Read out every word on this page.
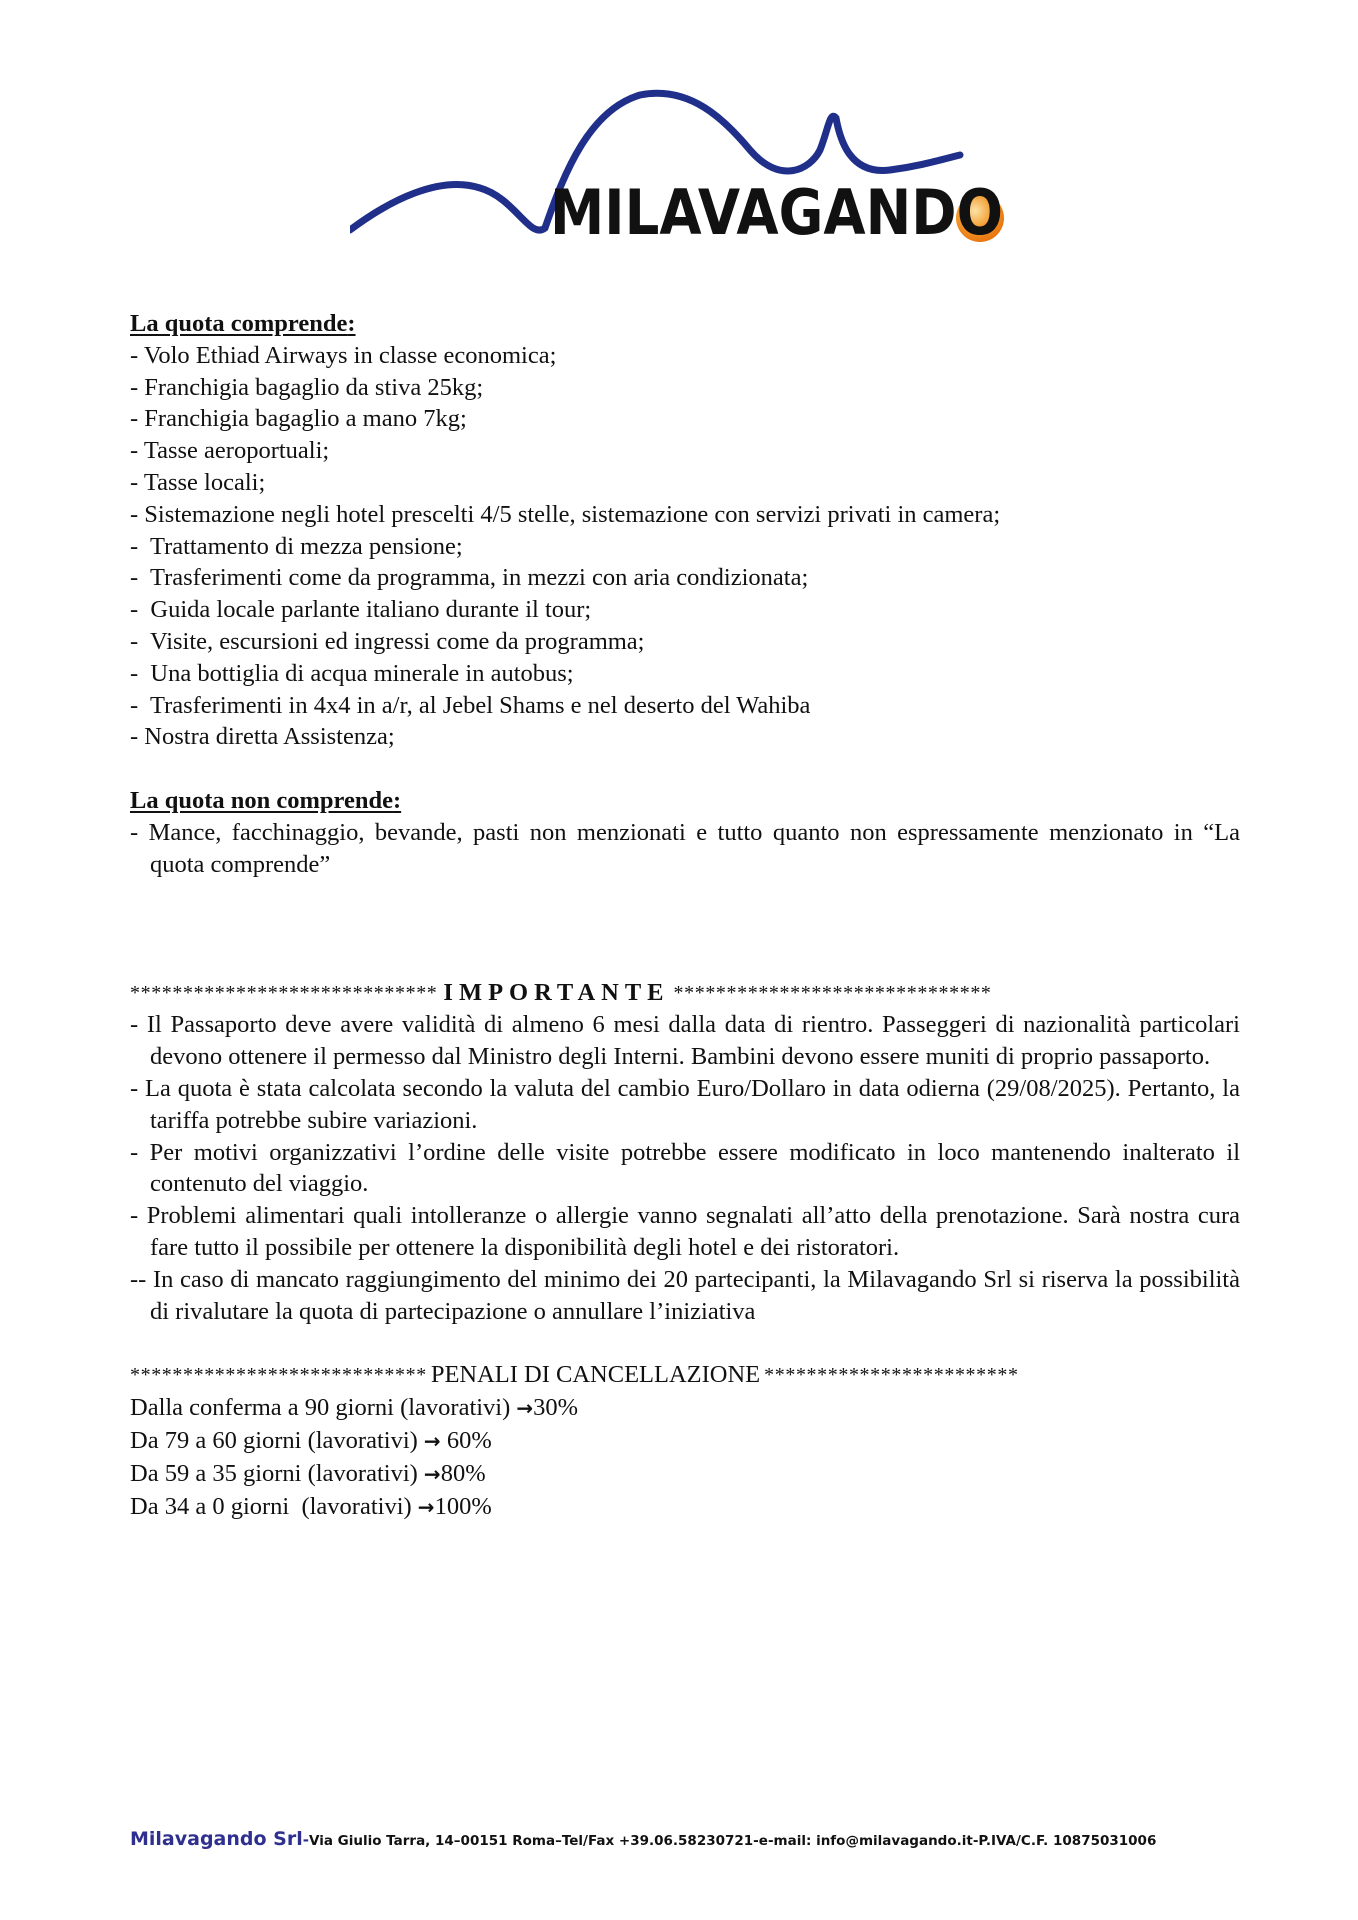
MILAVAGANDO
La quota comprende:
- Volo Ethiad Airways in classe economica;
- Franchigia bagaglio da stiva 25kg;
- Franchigia bagaglio a mano 7kg;
- Tasse aeroportuali;
- Tasse locali;
- Sistemazione negli hotel prescelti 4/5 stelle, sistemazione con servizi privati in camera;
-  Trattamento di mezza pensione;
-  Trasferimenti come da programma, in mezzi con aria condizionata;
-  Guida locale parlante italiano durante il tour;
-  Visite, escursioni ed ingressi come da programma;
-  Una bottiglia di acqua minerale in autobus;
-  Trasferimenti in 4x4 in a/r, al Jebel Shams e nel deserto del Wahiba
- Nostra diretta Assistenza;
La quota non comprende:
- Mance, facchinaggio, bevande, pasti non menzionati e tutto quanto non espressamente menzionato in “La quota comprende”
***************************** IMPORTANTE ******************************
- Il Passaporto deve avere validità di almeno 6 mesi dalla data di rientro. Passeggeri di nazionalità particolari devono ottenere il permesso dal Ministro degli Interni. Bambini devono essere muniti di proprio passaporto.
- La quota è stata calcolata secondo la valuta del cambio Euro/Dollaro in data odierna (29/08/2025). Pertanto, la tariffa potrebbe subire variazioni.
- Per motivi organizzativi l’ordine delle visite potrebbe essere modificato in loco mantenendo inalterato il contenuto del viaggio.
- Problemi alimentari quali intolleranze o allergie vanno segnalati all’atto della prenotazione. Sarà nostra cura fare tutto il possibile per ottenere la disponibilità degli hotel e dei ristoratori.
-- In caso di mancato raggiungimento del minimo dei 20 partecipanti, la Milavagando Srl si riserva la possibilità di rivalutare la quota di partecipazione o annullare l’iniziativa
**************************** PENALI DI CANCELLAZIONE ************************
Dalla conferma a 90 giorni (lavorativi) →30%
Da 79 a 60 giorni (lavorativi) → 60%
Da 59 a 35 giorni (lavorativi) →80%
Da 34 a 0 giorni  (lavorativi) →100%
Milavagando Srl-Via Giulio Tarra, 14–00151 Roma–Tel/Fax +39.06.58230721-e-mail: info@milavagando.it-P.IVA/C.F. 10875031006
